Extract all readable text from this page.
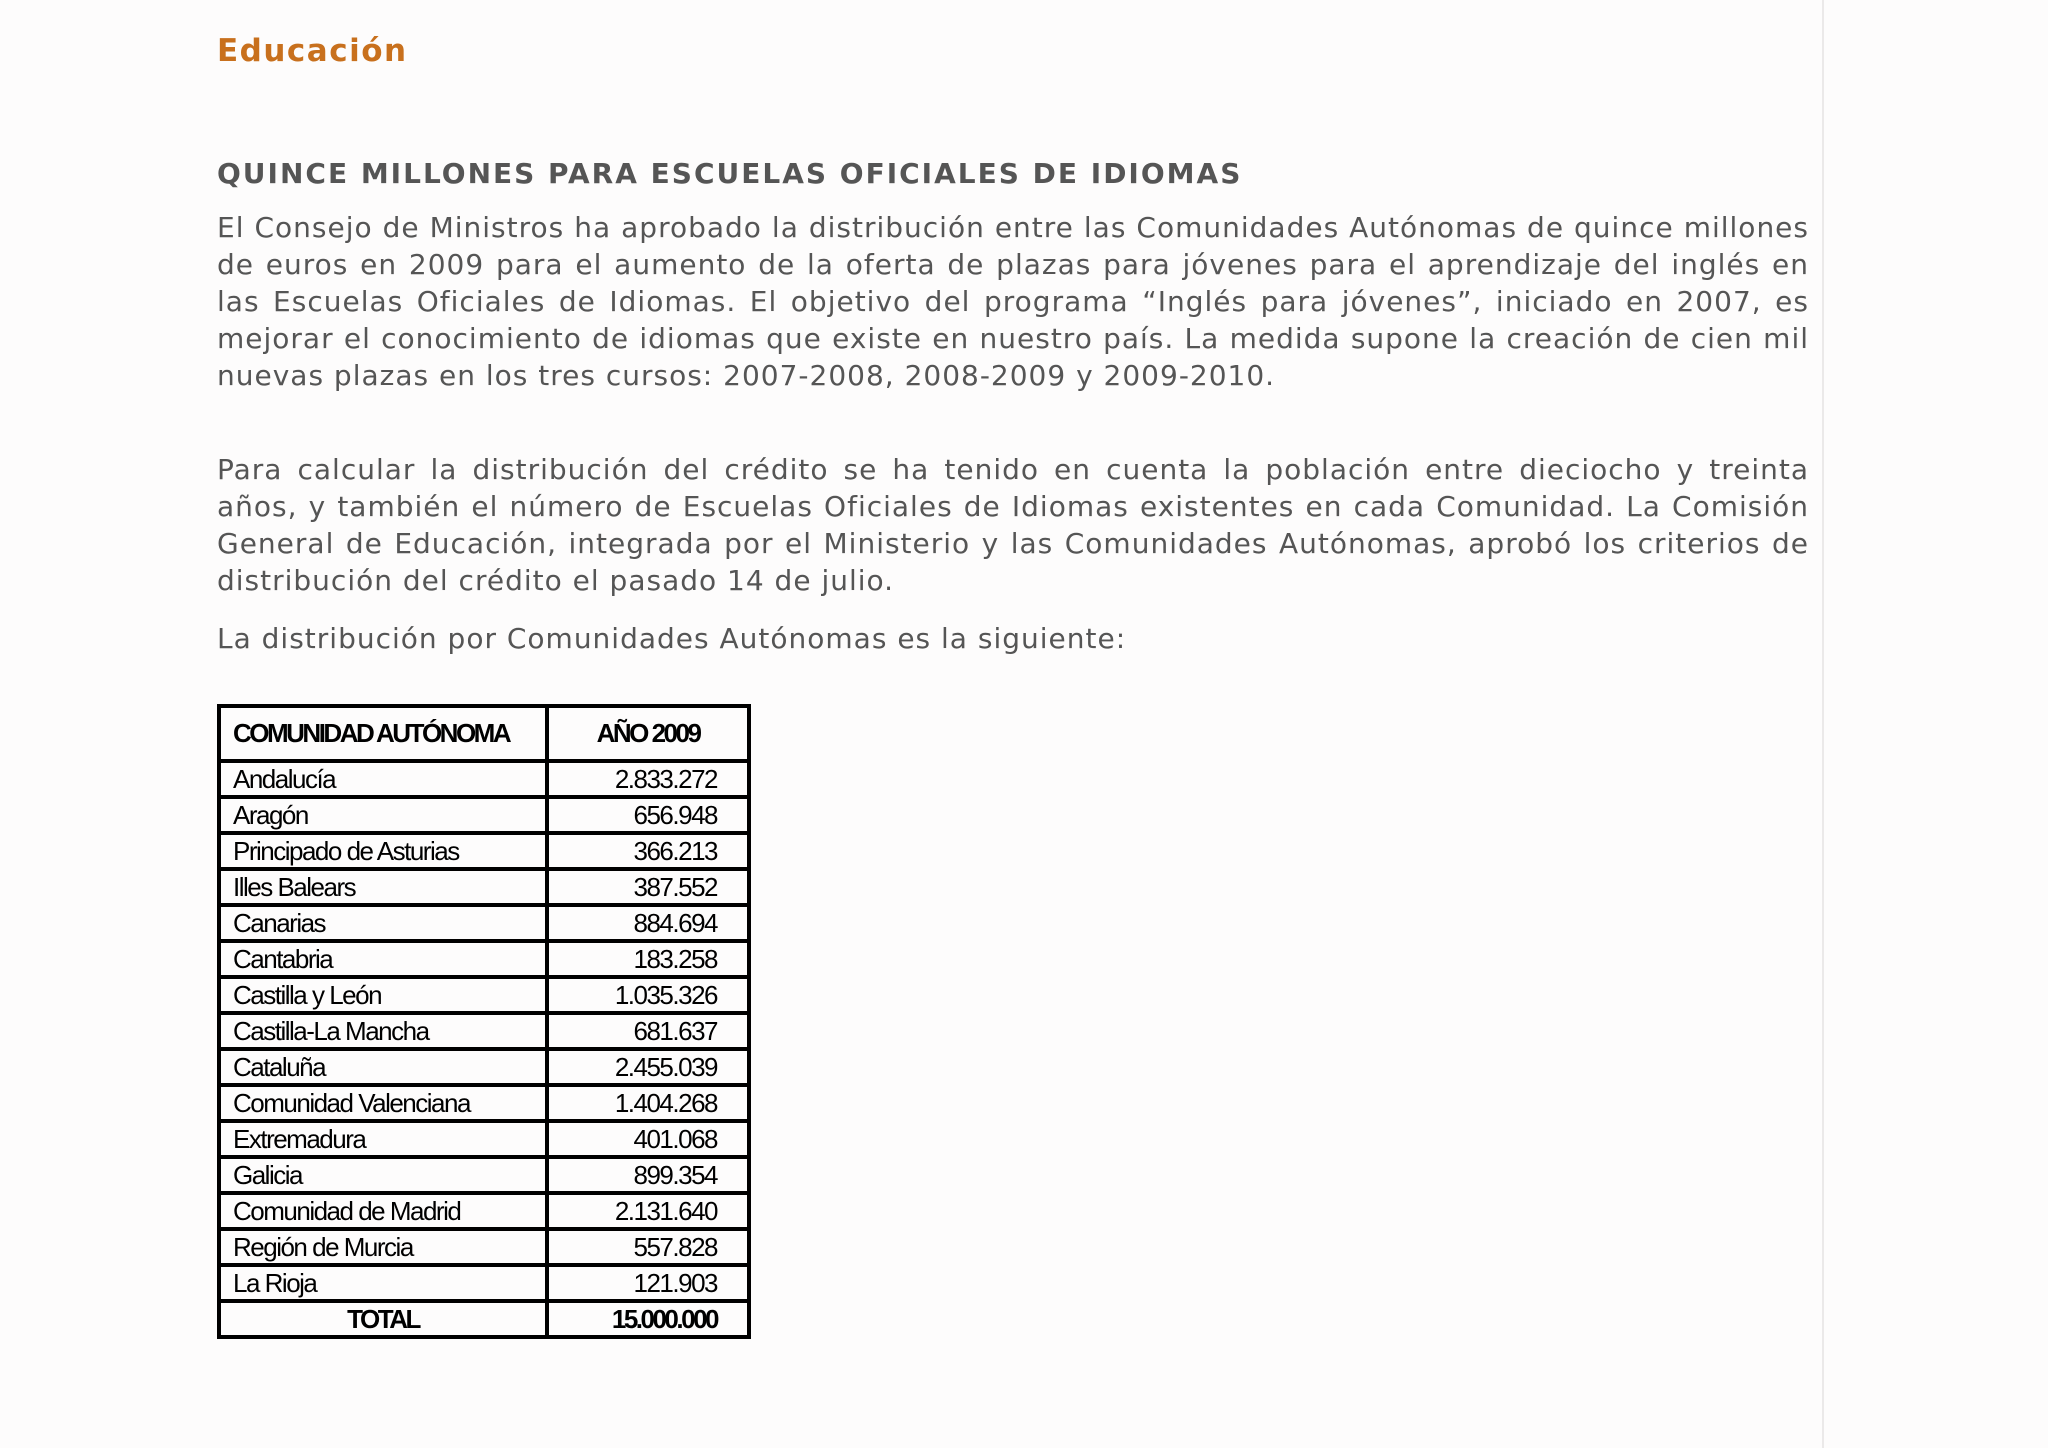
Educación
QUINCE MILLONES PARA ESCUELAS OFICIALES DE IDIOMAS

El Consejo de Ministros ha aprobado la distribución entre las Comunidades Autónomas de quince millones de euros en 2009 para el aumento de la oferta de plazas para jóvenes para el aprendizaje del inglés en las Escuelas Oficiales de Idiomas. El objetivo del programa “Inglés para jóvenes”, iniciado en 2007, es mejorar el conocimiento de idiomas que existe en nuestro país. La medida supone la creación de cien mil nuevas plazas en los tres cursos: 2007-2008, 2008-2009 y 2009-2010.

Para calcular la distribución del crédito se ha tenido en cuenta la población entre dieciocho y treinta años, y también el número de Escuelas Oficiales de Idiomas existentes en cada Comunidad. La Comisión General de Educación, integrada por el Ministerio y las Comunidades Autónomas, aprobó los criterios de distribución del crédito el pasado 14 de julio.

La distribución por Comunidades Autónomas es la siguiente:

COMUNIDAD AUTÓNOMA	AÑO 2009
Andalucía	2.833.272
Aragón	656.948
Principado de Asturias	366.213
Illes Balears	387.552
Canarias	884.694
Cantabria	183.258
Castilla y León	1.035.326
Castilla-La Mancha	681.637
Cataluña	2.455.039
Comunidad Valenciana	1.404.268
Extremadura	401.068
Galicia	899.354
Comunidad de Madrid	2.131.640
Región de Murcia	557.828
La Rioja	121.903
TOTAL	15.000.000
